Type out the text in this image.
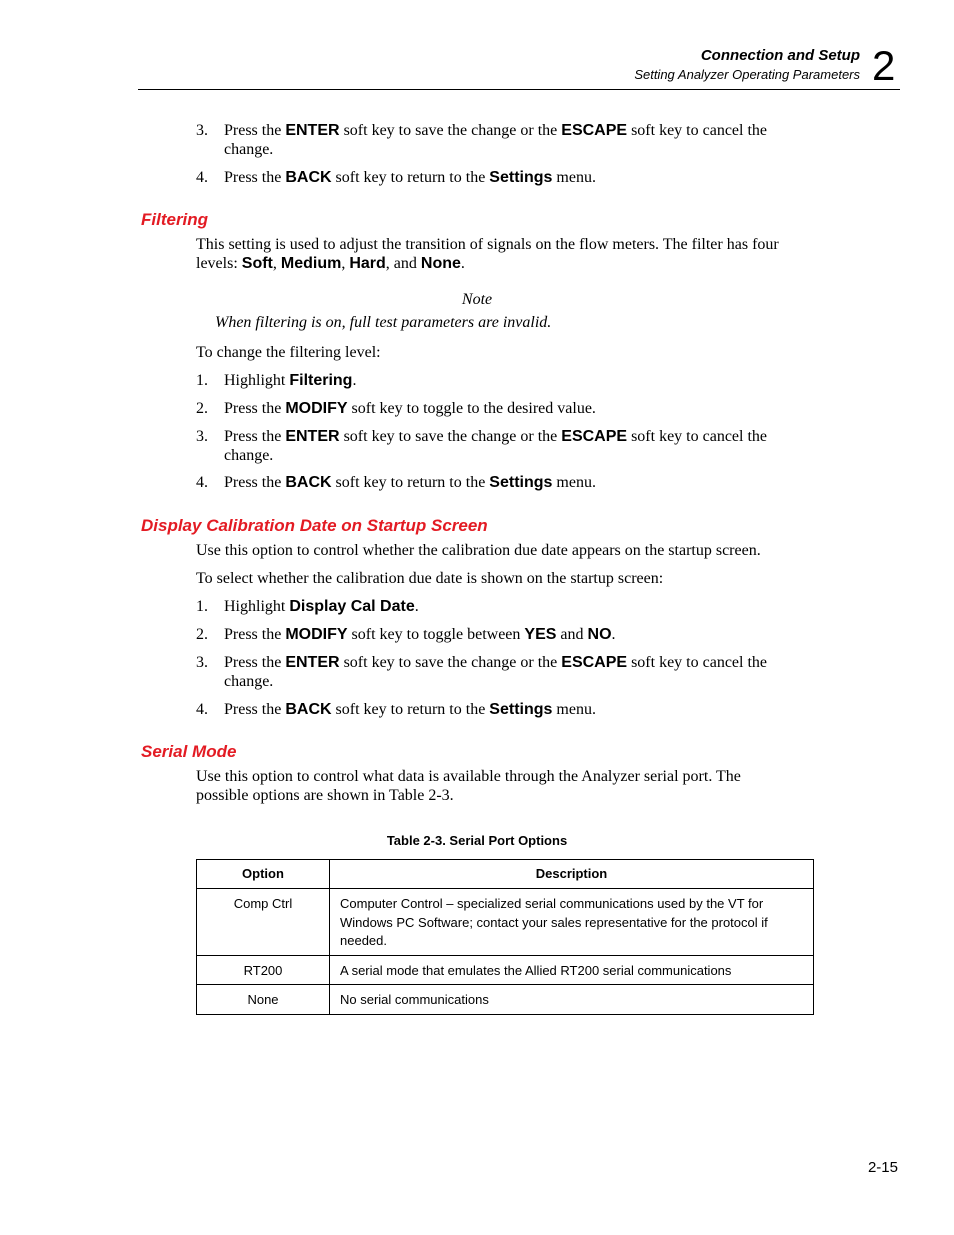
Connection and Setup
Setting Analyzer Operating Parameters 2
3. Press the ENTER soft key to save the change or the ESCAPE soft key to cancel the change.
4. Press the BACK soft key to return to the Settings menu.
Filtering
This setting is used to adjust the transition of signals on the flow meters. The filter has four levels: Soft, Medium, Hard, and None.
Note
When filtering is on, full test parameters are invalid.
To change the filtering level:
1. Highlight Filtering.
2. Press the MODIFY soft key to toggle to the desired value.
3. Press the ENTER soft key to save the change or the ESCAPE soft key to cancel the change.
4. Press the BACK soft key to return to the Settings menu.
Display Calibration Date on Startup Screen
Use this option to control whether the calibration due date appears on the startup screen.
To select whether the calibration due date is shown on the startup screen:
1. Highlight Display Cal Date.
2. Press the MODIFY soft key to toggle between YES and NO.
3. Press the ENTER soft key to save the change or the ESCAPE soft key to cancel the change.
4. Press the BACK soft key to return to the Settings menu.
Serial Mode
Use this option to control what data is available through the Analyzer serial port. The possible options are shown in Table 2-3.
Table 2-3. Serial Port Options
Option	Description
Comp Ctrl	Computer Control – specialized serial communications used by the VT for Windows PC Software; contact your sales representative for the protocol if needed.
RT200	A serial mode that emulates the Allied RT200 serial communications
None	No serial communications
2-15
